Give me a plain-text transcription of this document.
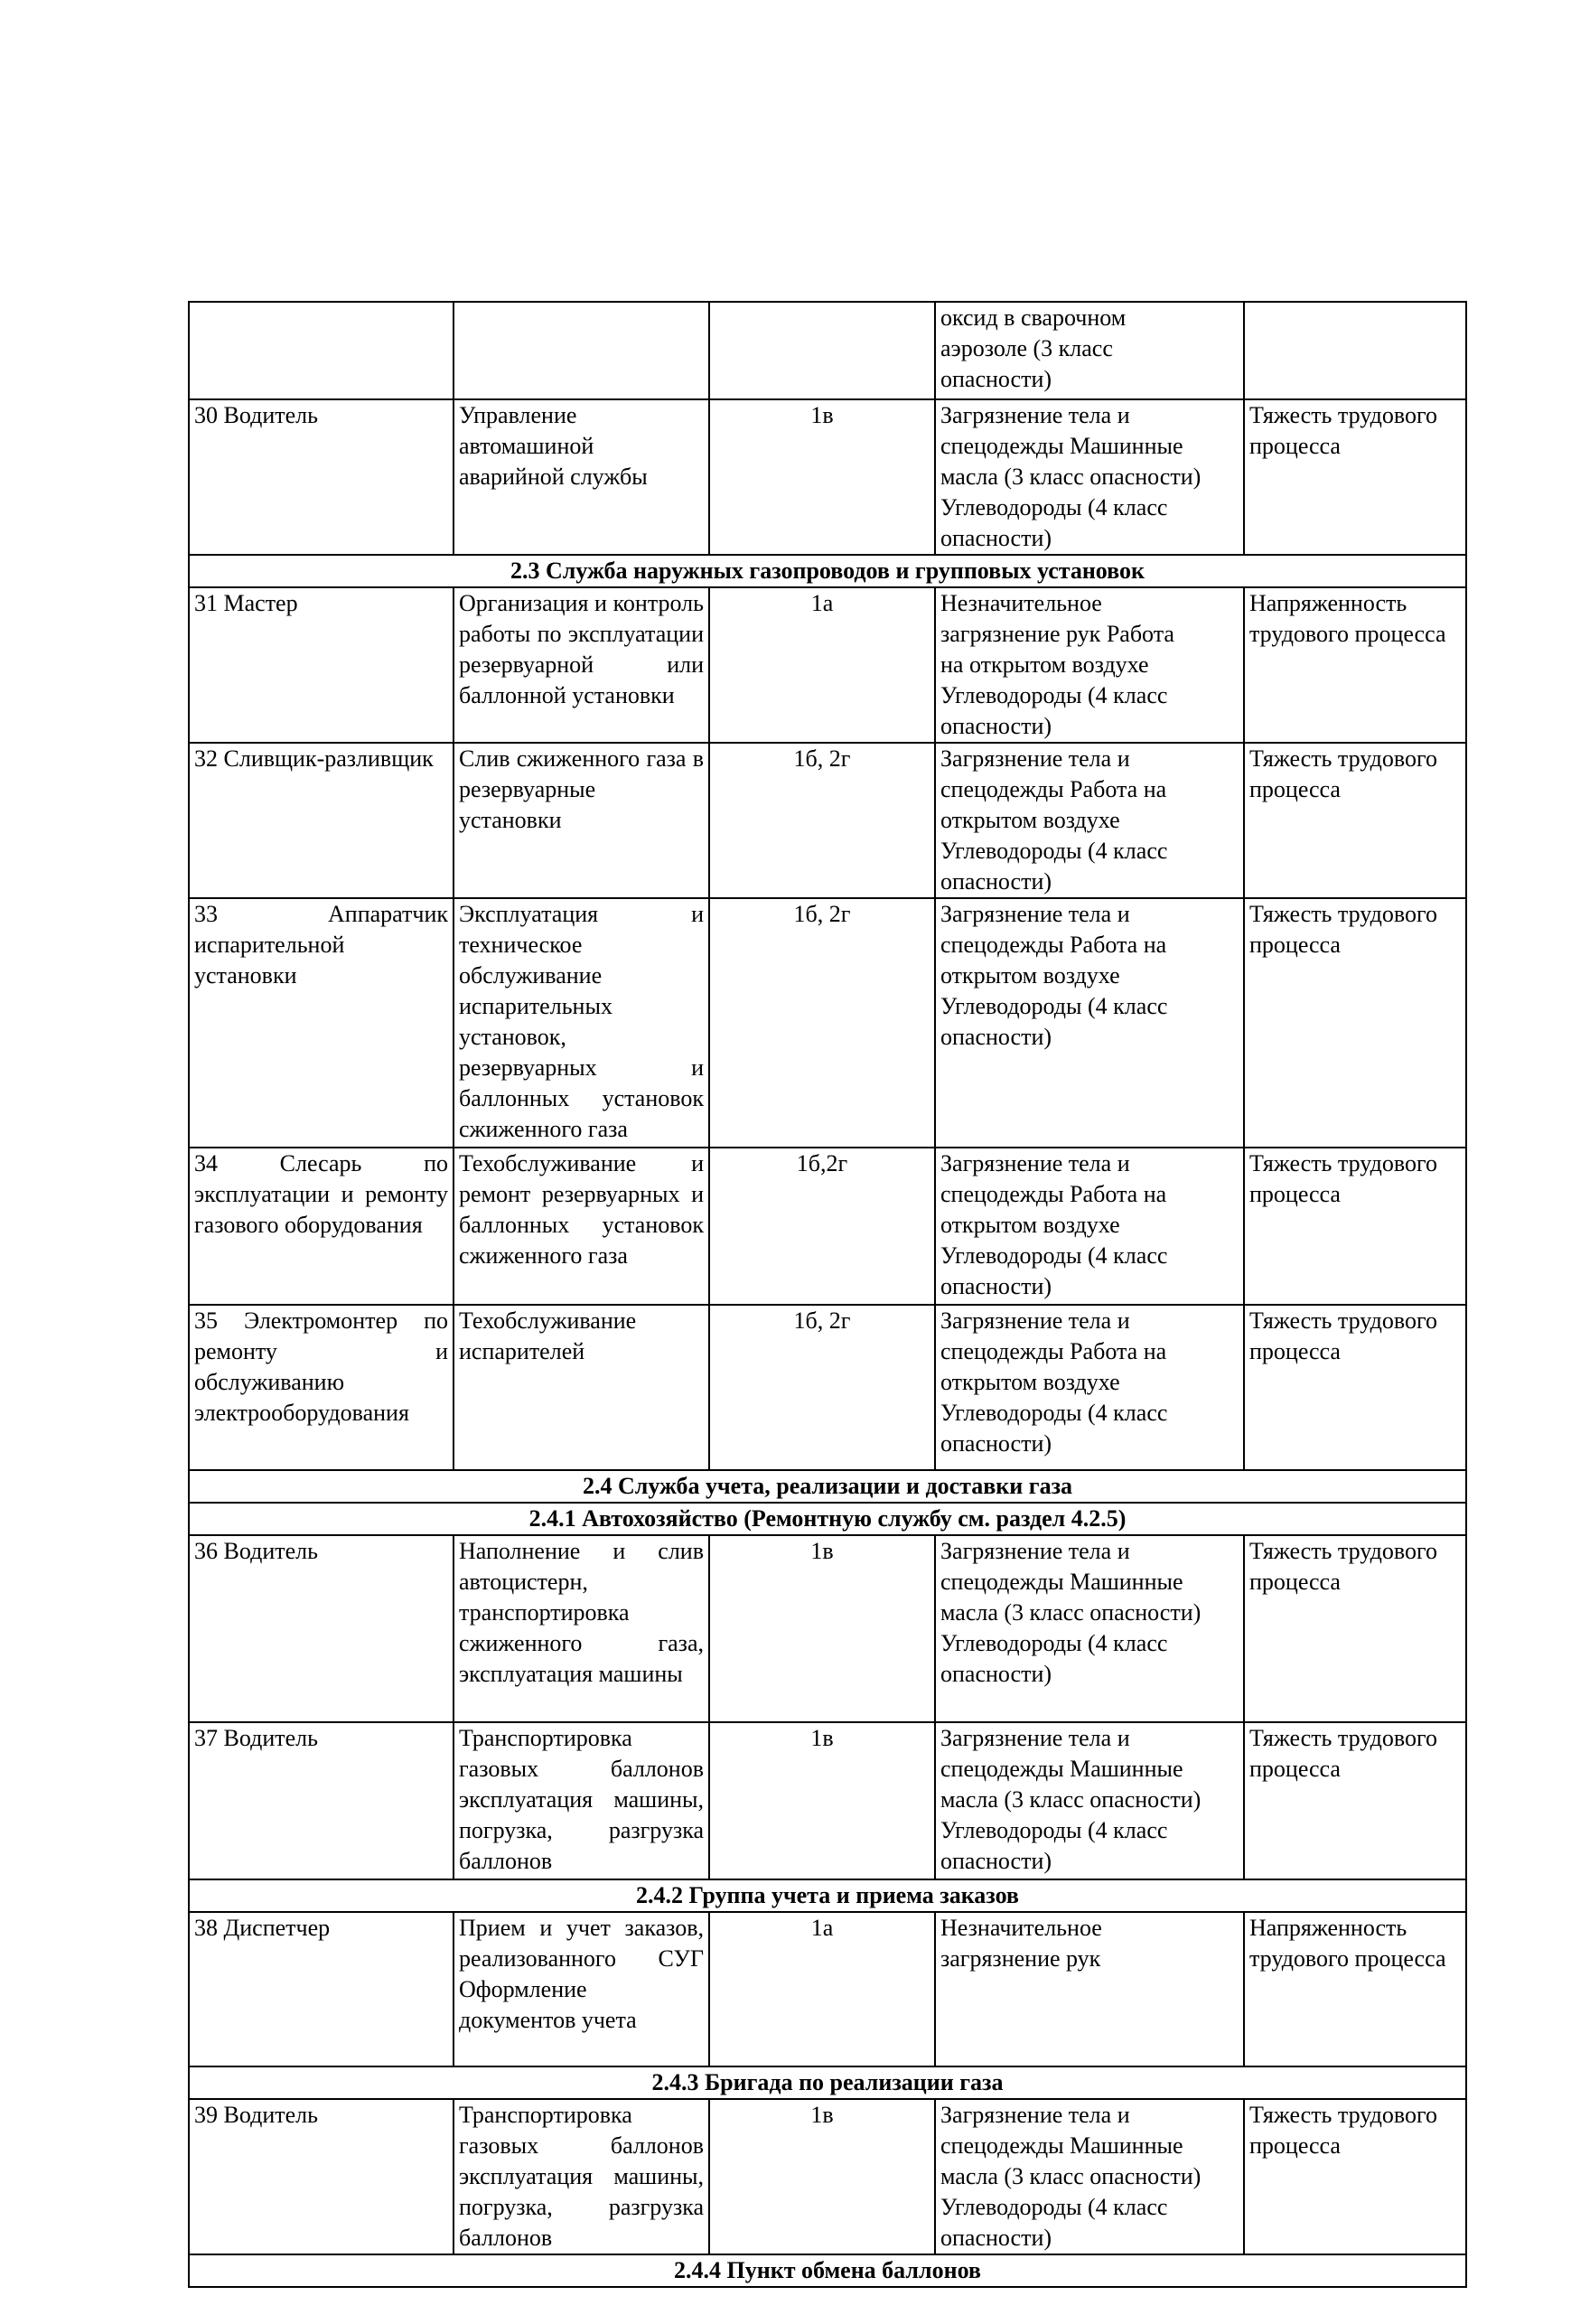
			оксид в сварочном
аэрозоле (3 класс
опасности)	

30 Водитель	Управление автомашиной аварийной службы	1в	Загрязнение тела и
спецодежды Машинные
масла (3 класс опасности)
Углеводороды (4 класс
опасности)	Тяжесть трудового процесса
2.3 Служба наружных газопроводов и групповых установок				
31 Мастер	Организация и контроль работы по эксплуатации резервуарной или баллонной установки	1а	Незначительное
загрязнение рук Работа
на открытом воздухе
Углеводороды (4 класс
опасности)	Напряженность трудового процесса
32 Сливщик-разливщик	Слив сжиженного газа в резервуарные установки	1б, 2г	Загрязнение тела и
спецодежды Работа на
открытом воздухе
Углеводороды (4 класс
опасности)	Тяжесть трудового процесса
33 Аппаратчик испарительной установки	Эксплуатация и техническое обслуживание испарительных установок, резервуарных и баллонных установок сжиженного газа	1б, 2г	Загрязнение тела и
спецодежды Работа на
открытом воздухе
Углеводороды (4 класс
опасности)	Тяжесть трудового процесса
34 Слесарь по эксплуатации и ремонту газового оборудования	Техобслуживание и ремонт резервуарных и баллонных установок сжиженного газа	1б,2г	Загрязнение тела и
спецодежды Работа на
открытом воздухе
Углеводороды (4 класс
опасности)	Тяжесть трудового процесса
35 Электромонтер по ремонту и обслуживанию электрооборудования	Техобслуживание испарителей	1б, 2г	Загрязнение тела и
спецодежды Работа на
открытом воздухе
Углеводороды (4 класс
опасности)	Тяжесть трудового процесса
2.4 Служба учета, реализации и доставки газа				
2.4.1 Автохозяйство (Ремонтную службу см. раздел 4.2.5)				
36 Водитель	Наполнение и слив автоцистерн, транспортировка сжиженного газа, эксплуатация машины	1в	Загрязнение тела и
спецодежды Машинные
масла (3 класс опасности)
Углеводороды (4 класс
опасности)	Тяжесть трудового процесса
37 Водитель	Транспортировка газовых баллонов эксплуатация машины, погрузка, разгрузка баллонов	1в	Загрязнение тела и
спецодежды Машинные
масла (3 класс опасности)
Углеводороды (4 класс
опасности)	Тяжесть трудового процесса
2.4.2 Группа учета и приема заказов				
38 Диспетчер	Прием и учет заказов, реализованного СУГ Оформление документов учета	1а	Незначительное
загрязнение рук	Напряженность трудового процесса
2.4.3 Бригада по реализации газа				
39 Водитель	Транспортировка газовых баллонов эксплуатация машины, погрузка, разгрузка баллонов	1в	Загрязнение тела и
спецодежды Машинные
масла (3 класс опасности)
Углеводороды (4 класс
опасности)	Тяжесть трудового процесса
2.4.4 Пункт обмена баллонов				
